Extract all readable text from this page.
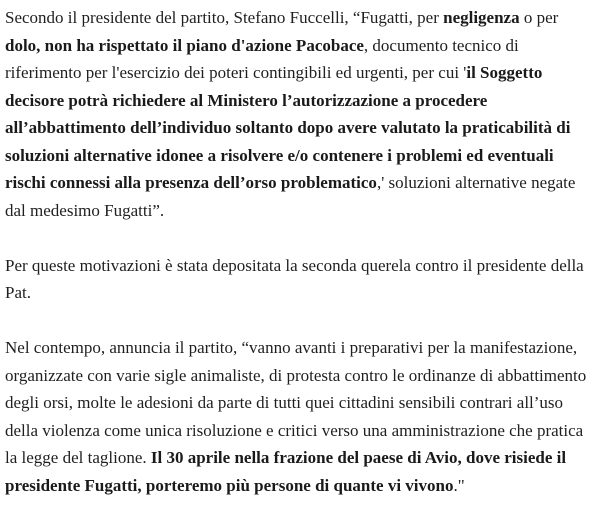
Secondo il presidente del partito, Stefano Fuccelli, “Fugatti, per negligenza o per dolo, non ha rispettato il piano d'azione Pacobace, documento tecnico di riferimento per l'esercizio dei poteri contingibili ed urgenti, per cui 'il Soggetto decisore potrà richiedere al Ministero l’autorizzazione a procedere all’abbattimento dell’individuo soltanto dopo avere valutato la praticabilità di soluzioni alternative idonee a risolvere e/o contenere i problemi ed eventuali rischi connessi alla presenza dell’orso problematico,' soluzioni alternative negate dal medesimo Fugatti”.

Per queste motivazioni è stata depositata la seconda querela contro il presidente della Pat.

Nel contempo, annuncia il partito, “vanno avanti i preparativi per la manifestazione, organizzate con varie sigle animaliste, di protesta contro le ordinanze di abbattimento degli orsi, molte le adesioni da parte di tutti quei cittadini sensibili contrari all’uso della violenza come unica risoluzione e critici verso una amministrazione che pratica la legge del taglione. Il 30 aprile nella frazione del paese di Avio, dove risiede il presidente Fugatti, porteremo più persone di quante vi vivono."
